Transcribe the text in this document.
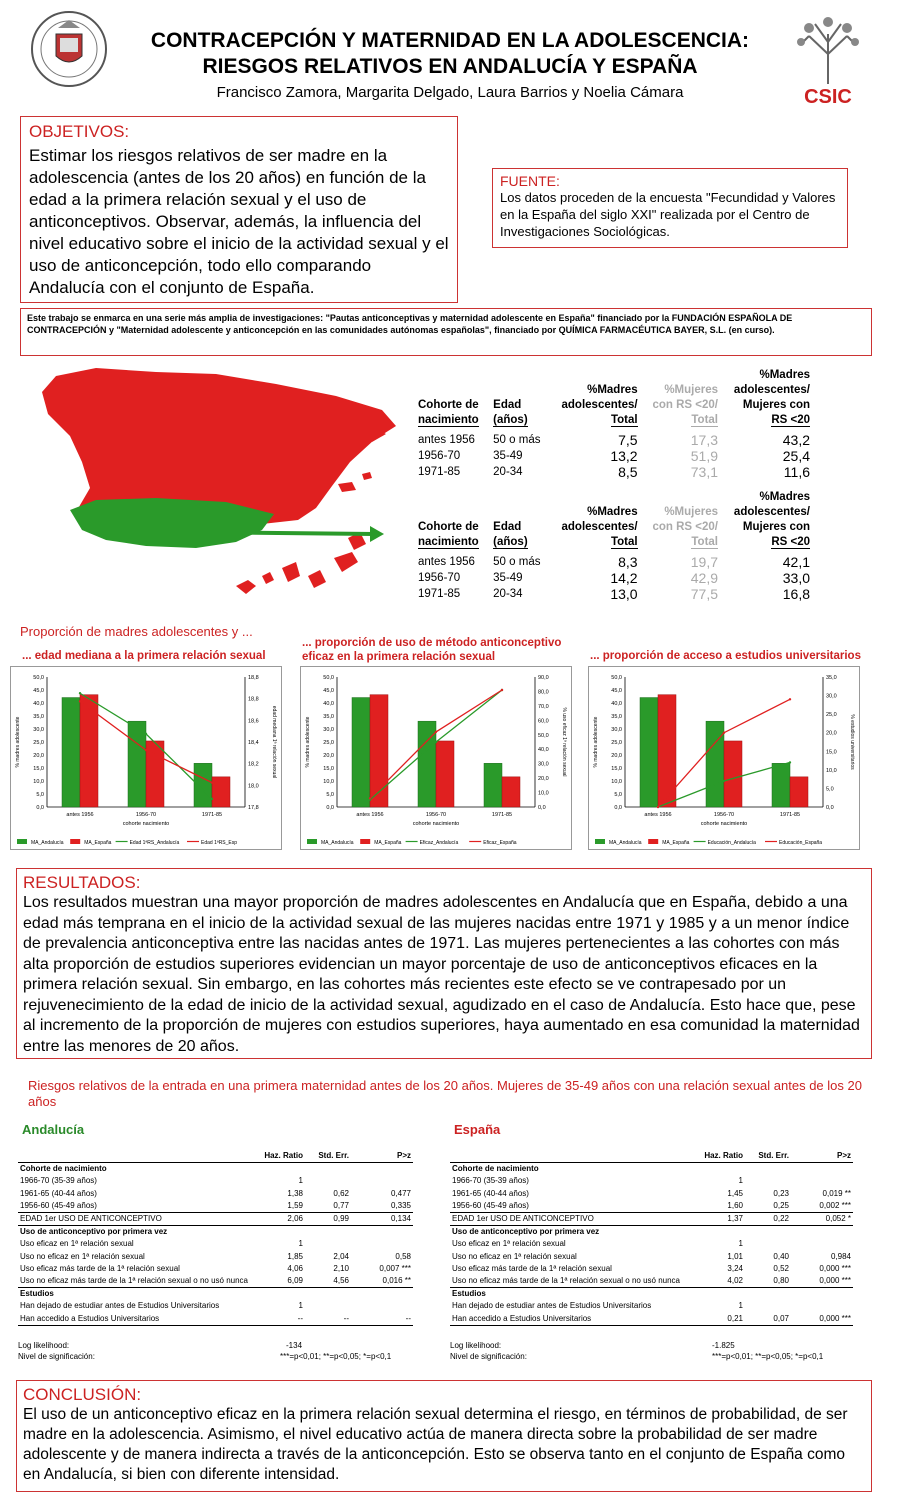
CONTRACEPCIÓN Y MATERNIDAD EN LA ADOLESCENCIA:
RIESGOS RELATIVOS EN ANDALUCÍA Y ESPAÑA
Francisco Zamora, Margarita Delgado, Laura Barrios y Noelia Cámara	CSIC
OBJETIVOS:
Estimar los riesgos relativos de ser madre en la adolescencia (antes de los 20 años) en función de la edad a la primera relación sexual y el uso de anticonceptivos. Observar, además, la influencia del nivel educativo sobre el inicio de la actividad sexual y el uso de anticoncepción, todo ello comparando Andalucía con el conjunto de España.
FUENTE:
Los datos proceden de la encuesta "Fecundidad y Valores en la España del siglo XXI" realizada por el Centro de Investigaciones Sociológicas.
Este trabajo se enmarca en una serie más amplia de investigaciones: "Pautas anticonceptivas y maternidad adolescente en España" financiado por la FUNDACIÓN ESPAÑOLA DE CONTRACEPCIÓN y "Maternidad adolescente y anticoncepción en las comunidades autónomas españolas", financiado por QUÍMICA FARMACÉUTICA BAYER, S.L. (en curso).
Cohorte de
nacimiento	Edad
(años)	%Madres
adolescentes/
Total	%Mujeres
con RS <20/
Total	%Madres
adolescentes/
Mujeres con
RS <20
antes 1956	50 o más	7,5	17,3	43,2
1956-70	35-49	13,2	51,9	25,4
1971-85	20-34	8,5	73,1	11,6
Cohorte de
nacimiento	Edad
(años)	%Madres
adolescentes/
Total	%Mujeres
con RS <20/
Total	%Madres
adolescentes/
Mujeres con
RS <20
antes 1956	50 o más	8,3	19,7	42,1
1956-70	35-49	14,2	42,9	33,0
1971-85	20-34	13,0	77,5	16,8
Proporción de madres adolescentes y ...
... edad mediana a la primera relación sexual
... proporción de uso de método anticonceptivo
eficaz en la primera relación sexual	... proporción de acceso a estudios universitarios
0,0
5,0
10,0
15,0
20,0
25,0
30,0
35,0
40,0
45,0
50,0
17,8
18,0
18,2
18,4
18,6
18,8
18,8
% madres adolescente	edad mediana 1ª relación sexual
antes 1956	1956-70	1971-85
cohorte nacimiento
MA_Andalucía	MA_España	Edad 1ªRS_Andalucía	Edad 1ªRS_Esp
0,0
5,0
10,0
15,0
20,0
25,0
30,0
35,0
40,0
45,0
50,0
0,0
10,0
20,0
30,0
40,0
50,0
60,0
70,0
80,0
90,0
% madres adolescente	% uso eficaz 1ª relación sexual
antes 1956	1956-70	1971-85
cohorte nacimiento
MA_Andalucía	MA_España	Eficaz_Andalucía	Eficaz_España
0,0
5,0
10,0
15,0
20,0
25,0
30,0
35,0
40,0
45,0
50,0
0,0
5,0
10,0
15,0
20,0
25,0
30,0
35,0
% madres adolescente	% estudios universitarios
antes 1956	1956-70	1971-85
cohorte nacimiento
MA_Andalucía	MA_España	Educación_Andalucía	Educación_España
RESULTADOS:
Los resultados muestran una mayor proporción de madres adolescentes en Andalucía que en España, debido a una edad más temprana en el inicio de la actividad sexual de las mujeres nacidas entre 1971 y 1985 y a un menor índice de prevalencia anticonceptiva entre las nacidas antes de 1971. Las mujeres pertenecientes a las cohortes con más alta proporción de estudios superiores evidencian un mayor porcentaje de uso de anticonceptivos eficaces en la primera relación sexual. Sin embargo, en las cohortes más recientes este efecto se ve contrapesado por un rejuvenecimiento de la edad de inicio de la actividad sexual, agudizado en el caso de Andalucía. Esto hace que, pese al incremento de la proporción de mujeres con estudios superiores, haya aumentado en esa comunidad la maternidad entre las menores de 20 años.
Riesgos relativos de la entrada en una primera maternidad antes de los 20 años. Mujeres de 35-49 años con una relación sexual antes de los 20 años
Andalucía	España
	Haz. Ratio	Std. Err.	P>z
Cohorte de nacimiento			
1966-70 (35-39 años)	1		
1961-65 (40-44 años)	1,38	0,62	0,477
1956-60 (45-49 años)	1,59	0,77	0,335
EDAD 1er USO DE ANTICONCEPTIVO	2,06	0,99	0,134
Uso de anticonceptivo por primera vez			
Uso eficaz en 1ª relación sexual	1		
Uso no eficaz en 1ª relación sexual	1,85	2,04	0,58
Uso eficaz más tarde de la 1ª relación sexual	4,06	2,10	0,007 ***
Uso no eficaz más tarde de la 1ª relación sexual o no usó nunca	6,09	4,56	0,016 **
Estudios			
Han dejado de estudiar antes de Estudios Universitarios	1		
Han accedido a Estudios Universitarios	--	--	--
Log likelihood:	-134

Nivel de significación:	***=p<0,01; **=p<0,05; *=p<0,1
	Haz. Ratio	Std. Err.	P>z
Cohorte de nacimiento			
1966-70 (35-39 años)	1		
1961-65 (40-44 años)	1,45	0,23	0,019 **
1956-60 (45-49 años)	1,60	0,25	0,002 ***
EDAD 1er USO DE ANTICONCEPTIVO	1,37	0,22	0,052 *
Uso de anticonceptivo por primera vez			
Uso eficaz en 1ª relación sexual	1		
Uso no eficaz en 1ª relación sexual	1,01	0,40	0,984
Uso eficaz más tarde de la 1ª relación sexual	3,24	0,52	0,000 ***
Uso no eficaz más tarde de la 1ª relación sexual o no usó nunca	4,02	0,80	0,000 ***
Estudios			
Han dejado de estudiar antes de Estudios Universitarios	1		
Han accedido a Estudios Universitarios	0,21	0,07	0,000 ***
Log likelihood:	-1.825

Nivel de significación:	***=p<0,01; **=p<0,05; *=p<0,1
CONCLUSIÓN:
El uso de un anticonceptivo eficaz en la primera relación sexual determina el riesgo, en términos de probabilidad, de ser madre en la adolescencia. Asimismo, el nivel educativo actúa de manera directa sobre la probabilidad de ser madre adolescente y de manera indirecta a través de la anticoncepción. Esto se observa tanto en el conjunto de España como en Andalucía, si bien con diferente intensidad.
